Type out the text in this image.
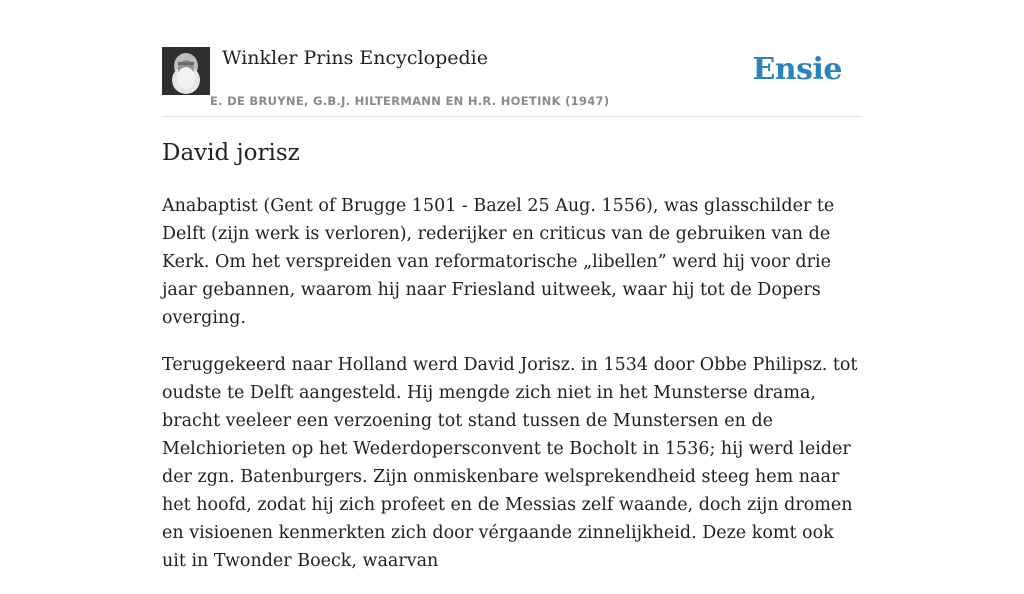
Winkler Prins Encyclopedie
E. DE BRUYNE, G.B.J. HILTERMANN EN H.R. HOETINK (1947)
Ensie
David jorisz

Anabaptist (Gent of Brugge 1501 - Bazel 25 Aug. 1556), was glasschilder te Delft (zijn werk is verloren), rederijker en criticus van de gebruiken van de Kerk. Om het verspreiden van reformatorische „libellen” werd hij voor drie jaar gebannen, waarom hij naar Friesland uitweek, waar hij tot de Dopers overging.

Teruggekeerd naar Holland werd David Jorisz. in 1534 door Obbe Philipsz. tot oudste te Delft aangesteld. Hij mengde zich niet in het Munsterse drama, bracht veeleer een verzoening tot stand tussen de Munstersen en de Melchiorieten op het Wederdopersconvent te Bocholt in 1536; hij werd leider der zgn. Batenburgers. Zijn onmiskenbare welsprekendheid steeg hem naar het hoofd, zodat hij zich profeet en de Messias zelf waande, doch zijn dromen en visioenen kenmerkten zich door vérgaande zinnelijkheid. Deze komt ook uit in Twonder Boeck, waarvan
